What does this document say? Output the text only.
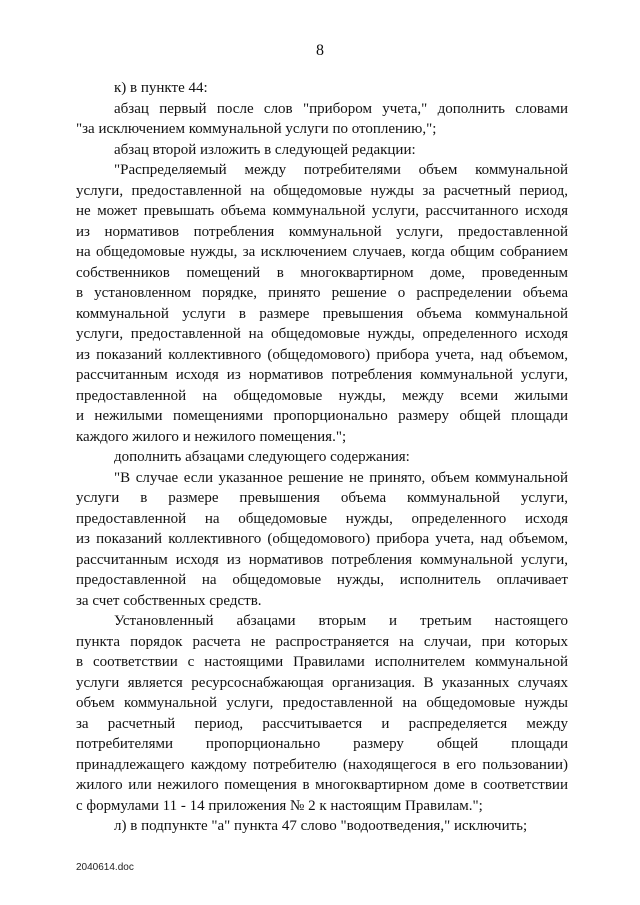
8
к) в пункте 44:
абзац первый после слов "прибором учета," дополнить словами
"за исключением коммунальной услуги по отоплению,";
абзац второй изложить в следующей редакции:
"Распределяемый между потребителями объем коммунальной
услуги, предоставленной на общедомовые нужды за расчетный период,
не может превышать объема коммунальной услуги, рассчитанного исходя
из нормативов потребления коммунальной услуги, предоставленной
на общедомовые нужды, за исключением случаев, когда общим собранием
собственников помещений в многоквартирном доме, проведенным
в установленном порядке, принято решение о распределении объема
коммунальной услуги в размере превышения объема коммунальной
услуги, предоставленной на общедомовые нужды, определенного исходя
из показаний коллективного (общедомового) прибора учета, над объемом,
рассчитанным исходя из нормативов потребления коммунальной услуги,
предоставленной на общедомовые нужды, между всеми жилыми
и нежилыми помещениями пропорционально размеру общей площади
каждого жилого и нежилого помещения.";
дополнить абзацами следующего содержания:
"В случае если указанное решение не принято, объем коммунальной
услуги в размере превышения объема коммунальной услуги,
предоставленной на общедомовые нужды, определенного исходя
из показаний коллективного (общедомового) прибора учета, над объемом,
рассчитанным исходя из нормативов потребления коммунальной услуги,
предоставленной на общедомовые нужды, исполнитель оплачивает
за счет собственных средств.
Установленный абзацами вторым и третьим настоящего
пункта порядок расчета не распространяется на случаи, при которых
в соответствии с настоящими Правилами исполнителем коммунальной
услуги является ресурсоснабжающая организация. В указанных случаях
объем коммунальной услуги, предоставленной на общедомовые нужды
за расчетный период, рассчитывается и распределяется между
потребителями пропорционально размеру общей площади
принадлежащего каждому потребителю (находящегося в его пользовании)
жилого или нежилого помещения в многоквартирном доме в соответствии
с формулами 11 - 14 приложения № 2 к настоящим Правилам.";
л) в подпункте "а" пункта 47 слово "водоотведения," исключить;
2040614.doc
